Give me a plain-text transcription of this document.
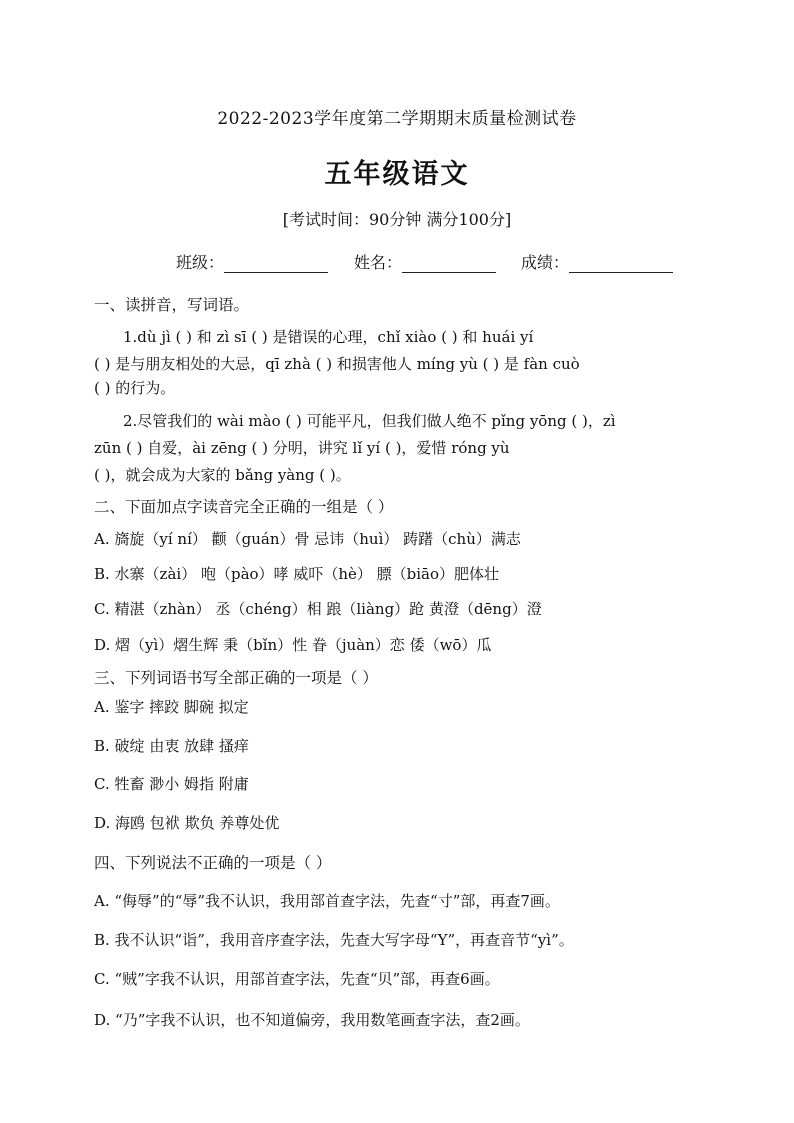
2022-2023学年度第二学期期末质量检测试卷
五年级语文
[考试时间：90分钟 满分100分]
班级：	姓名：	成绩：
一、读拼音，写词语。
1.dù jì ( ) 和 zì sī ( ) 是错误的心理，chǐ xiào ( ) 和 huái yí
( ) 是与朋友相处的大忌，qī zhà ( ) 和损害他人 míng yù ( ) 是 fàn cuò
( ) 的行为。
2.尽管我们的 wài mào ( ) 可能平凡，但我们做人绝不 pǐng yōng ( )，zì
zūn ( ) 自爱，ài zēng ( ) 分明，讲究 lǐ yí ( )，爱惜 róng yù
( )，就会成为大家的 bǎng yàng ( )。
二、下面加点字读音完全正确的一组是（ ）
A. 旖旋（yí ní） 颧（guán）骨 忌讳（huì） 踌躇（chù）满志
B. 水寨（zài） 咆（pào）哮 威吓（hè） 膘（biāo）肥体壮
C. 精湛（zhàn） 丞（chéng）相 踉（liàng）跄 黄澄（dēng）澄
D. 熠（yì）熠生辉 秉（bǐn）性 眷（juàn）恋 倭（wō）瓜
三、下列词语书写全部正确的一项是（ ）
A. 鉴字 摔跤 脚碗 拟定
B. 破绽 由衷 放肆 搔痒
C. 牲畜 渺小 姆指 附庸
D. 海鸥 包袱 欺负 养尊处优
四、下列说法不正确的一项是（ ）
A. “侮辱”的“辱”我不认识，我用部首查字法，先查“寸”部，再查7画。
B. 我不认识“诣”，我用音序查字法，先查大写字母“Y”，再查音节“yì”。
C. “贼”字我不认识，用部首查字法，先查“贝”部，再查6画。
D. “乃”字我不认识，也不知道偏旁，我用数笔画查字法，查2画。
